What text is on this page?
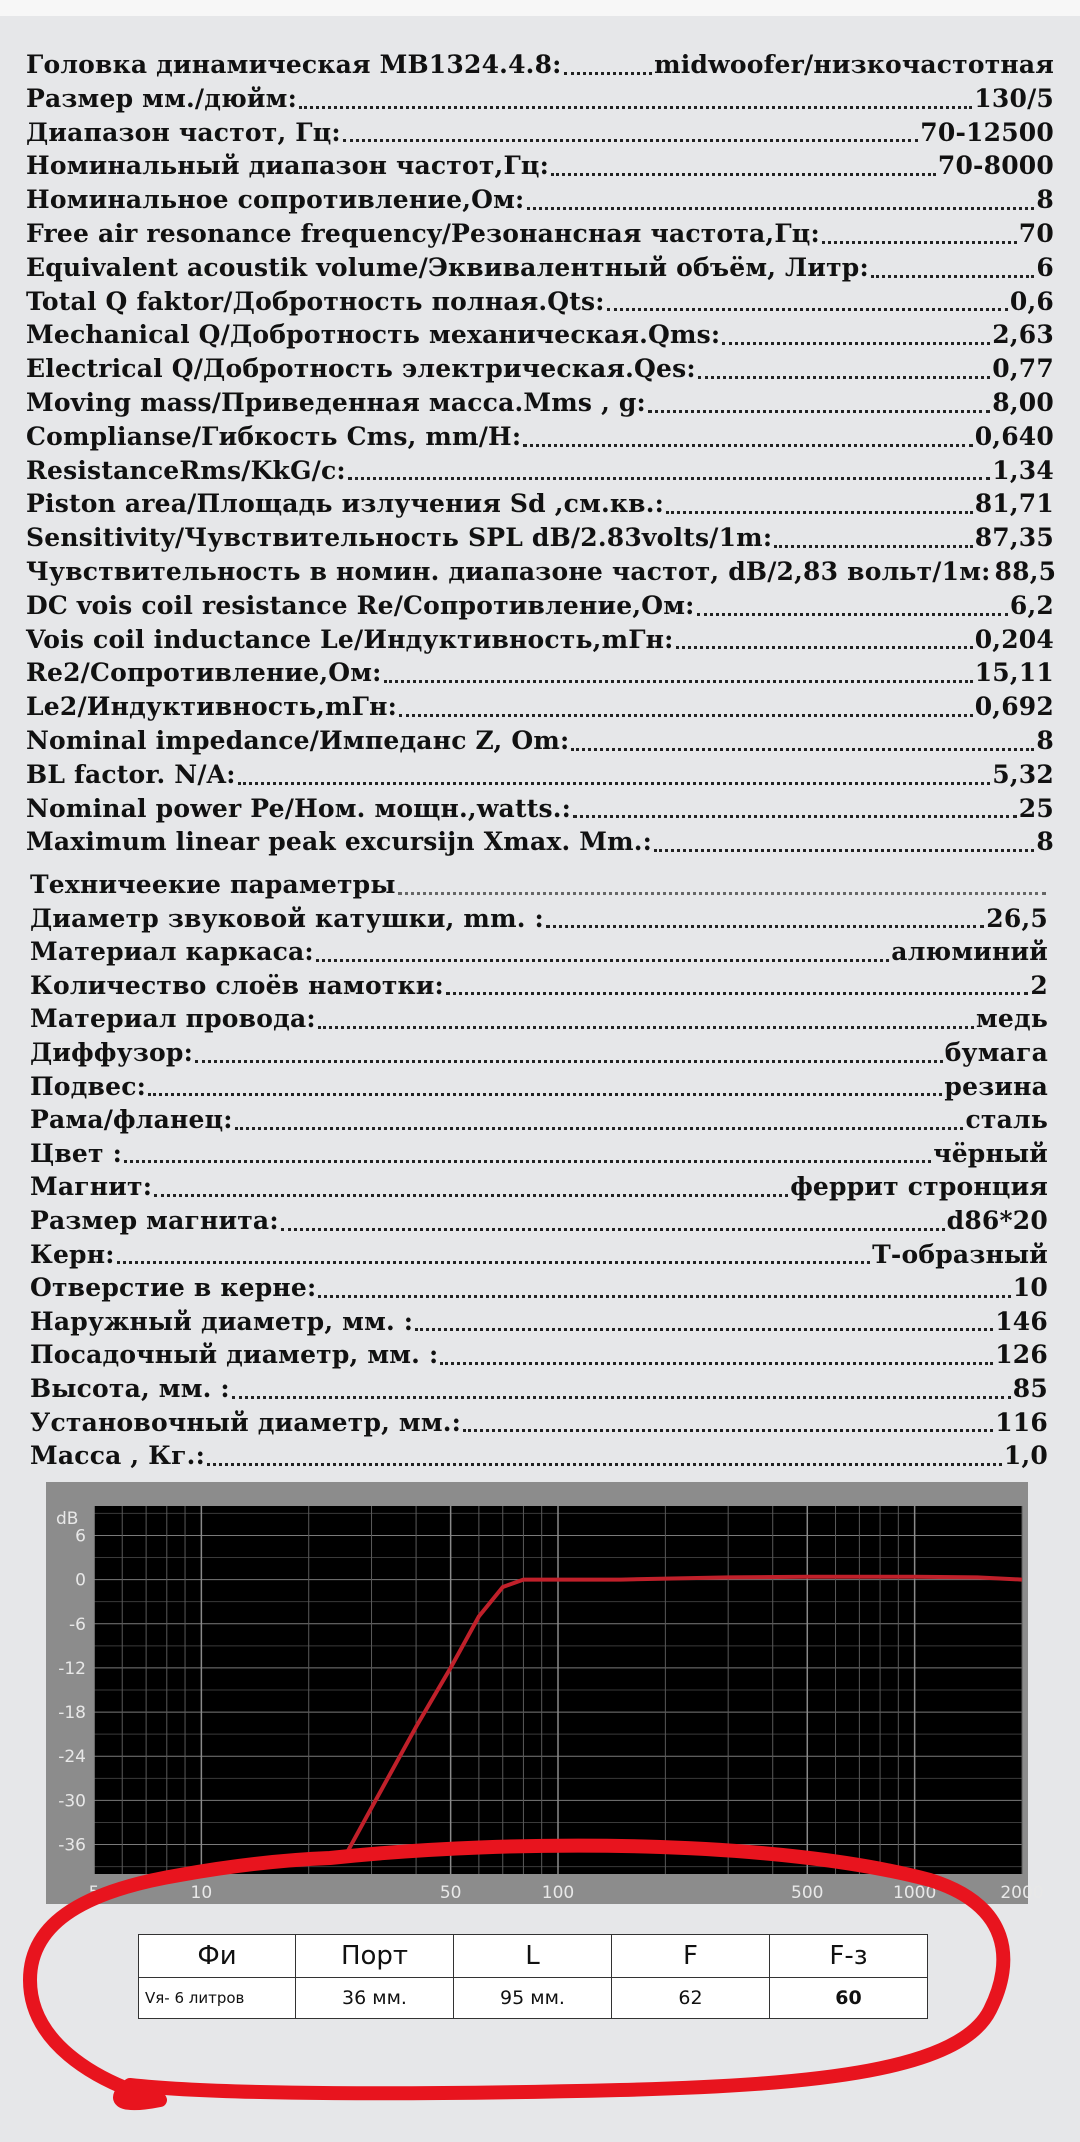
Головка динамическая MB1324.4.8:	midwoofer/низкочастотная
Размер мм./дюйм:	130/5
Диапазон частот, Гц:	70-12500
Номинальный диапазон частот,Гц:	70-8000
Номинальное сопротивление,Ом:	8
Free air resonance frequency/Резонансная частота,Гц:	70
Equivalent acoustik volume/Эквивалентный объём, Литр:	6
Total Q faktor/Добротность полная.Qts:	0,6
Mechanical Q/Добротность механическая.Qms:	2,63
Electrical Q/Добротность электрическая.Qes:	0,77
Moving mass/Приведенная масса.Mms , g:	8,00
Complianse/Гибкость Cms, mm/H:	0,640
ResistanceRms/KkG/c:	1,34
Piston area/Площадь излучения Sd ,см.кв.:	81,71
Sensitivity/Чувствительность SPL dB/2.83volts/1m:	87,35
Чувствительность в номин. диапазоне частот, dB/2,83 вольт/1м: 88,5
DC vois coil resistance Re/Сопротивление,Ом:	6,2
Vois coil inductance Le/Индуктивность,mГн:	0,204
Re2/Сопротивление,Ом:	15,11
Le2/Индуктивность,mГн:	0,692
Nominal impedance/Импеданс Z, Om:	8
BL factor. N/A:	5,32
Nominal power Pe/Ном. мощн.,watts.:	25
Maximum linear peak excursijn Xmax. Mm.:	8
Техничеекие параметры
Диаметр звуковой катушки, mm. :	26,5
Материал каркаса:	алюминий
Количество слоёв намотки:	2
Материал провода:	медь
Диффузор:	бумага
Подвес:	резина
Рама/фланец:	сталь
Цвет :	чёрный
Магнит:	феррит стронция
Размер магнита:	d86*20
Керн:	Т-образный
Отверстие в керне:	10
Наружный диаметр, мм. :	146
Посадочный диаметр, мм. :	126
Высота, мм. :	85
Установочный диаметр, мм.:	116
Масса , Кг.:	1,0
dB
6
0
-6
-12
-18
-24
-30
-36
5	10	50	100	500	1000	2000
Фи	Порт	L	F	F-з
Vя- 6 литров	36 мм.	95 мм.	62	60
